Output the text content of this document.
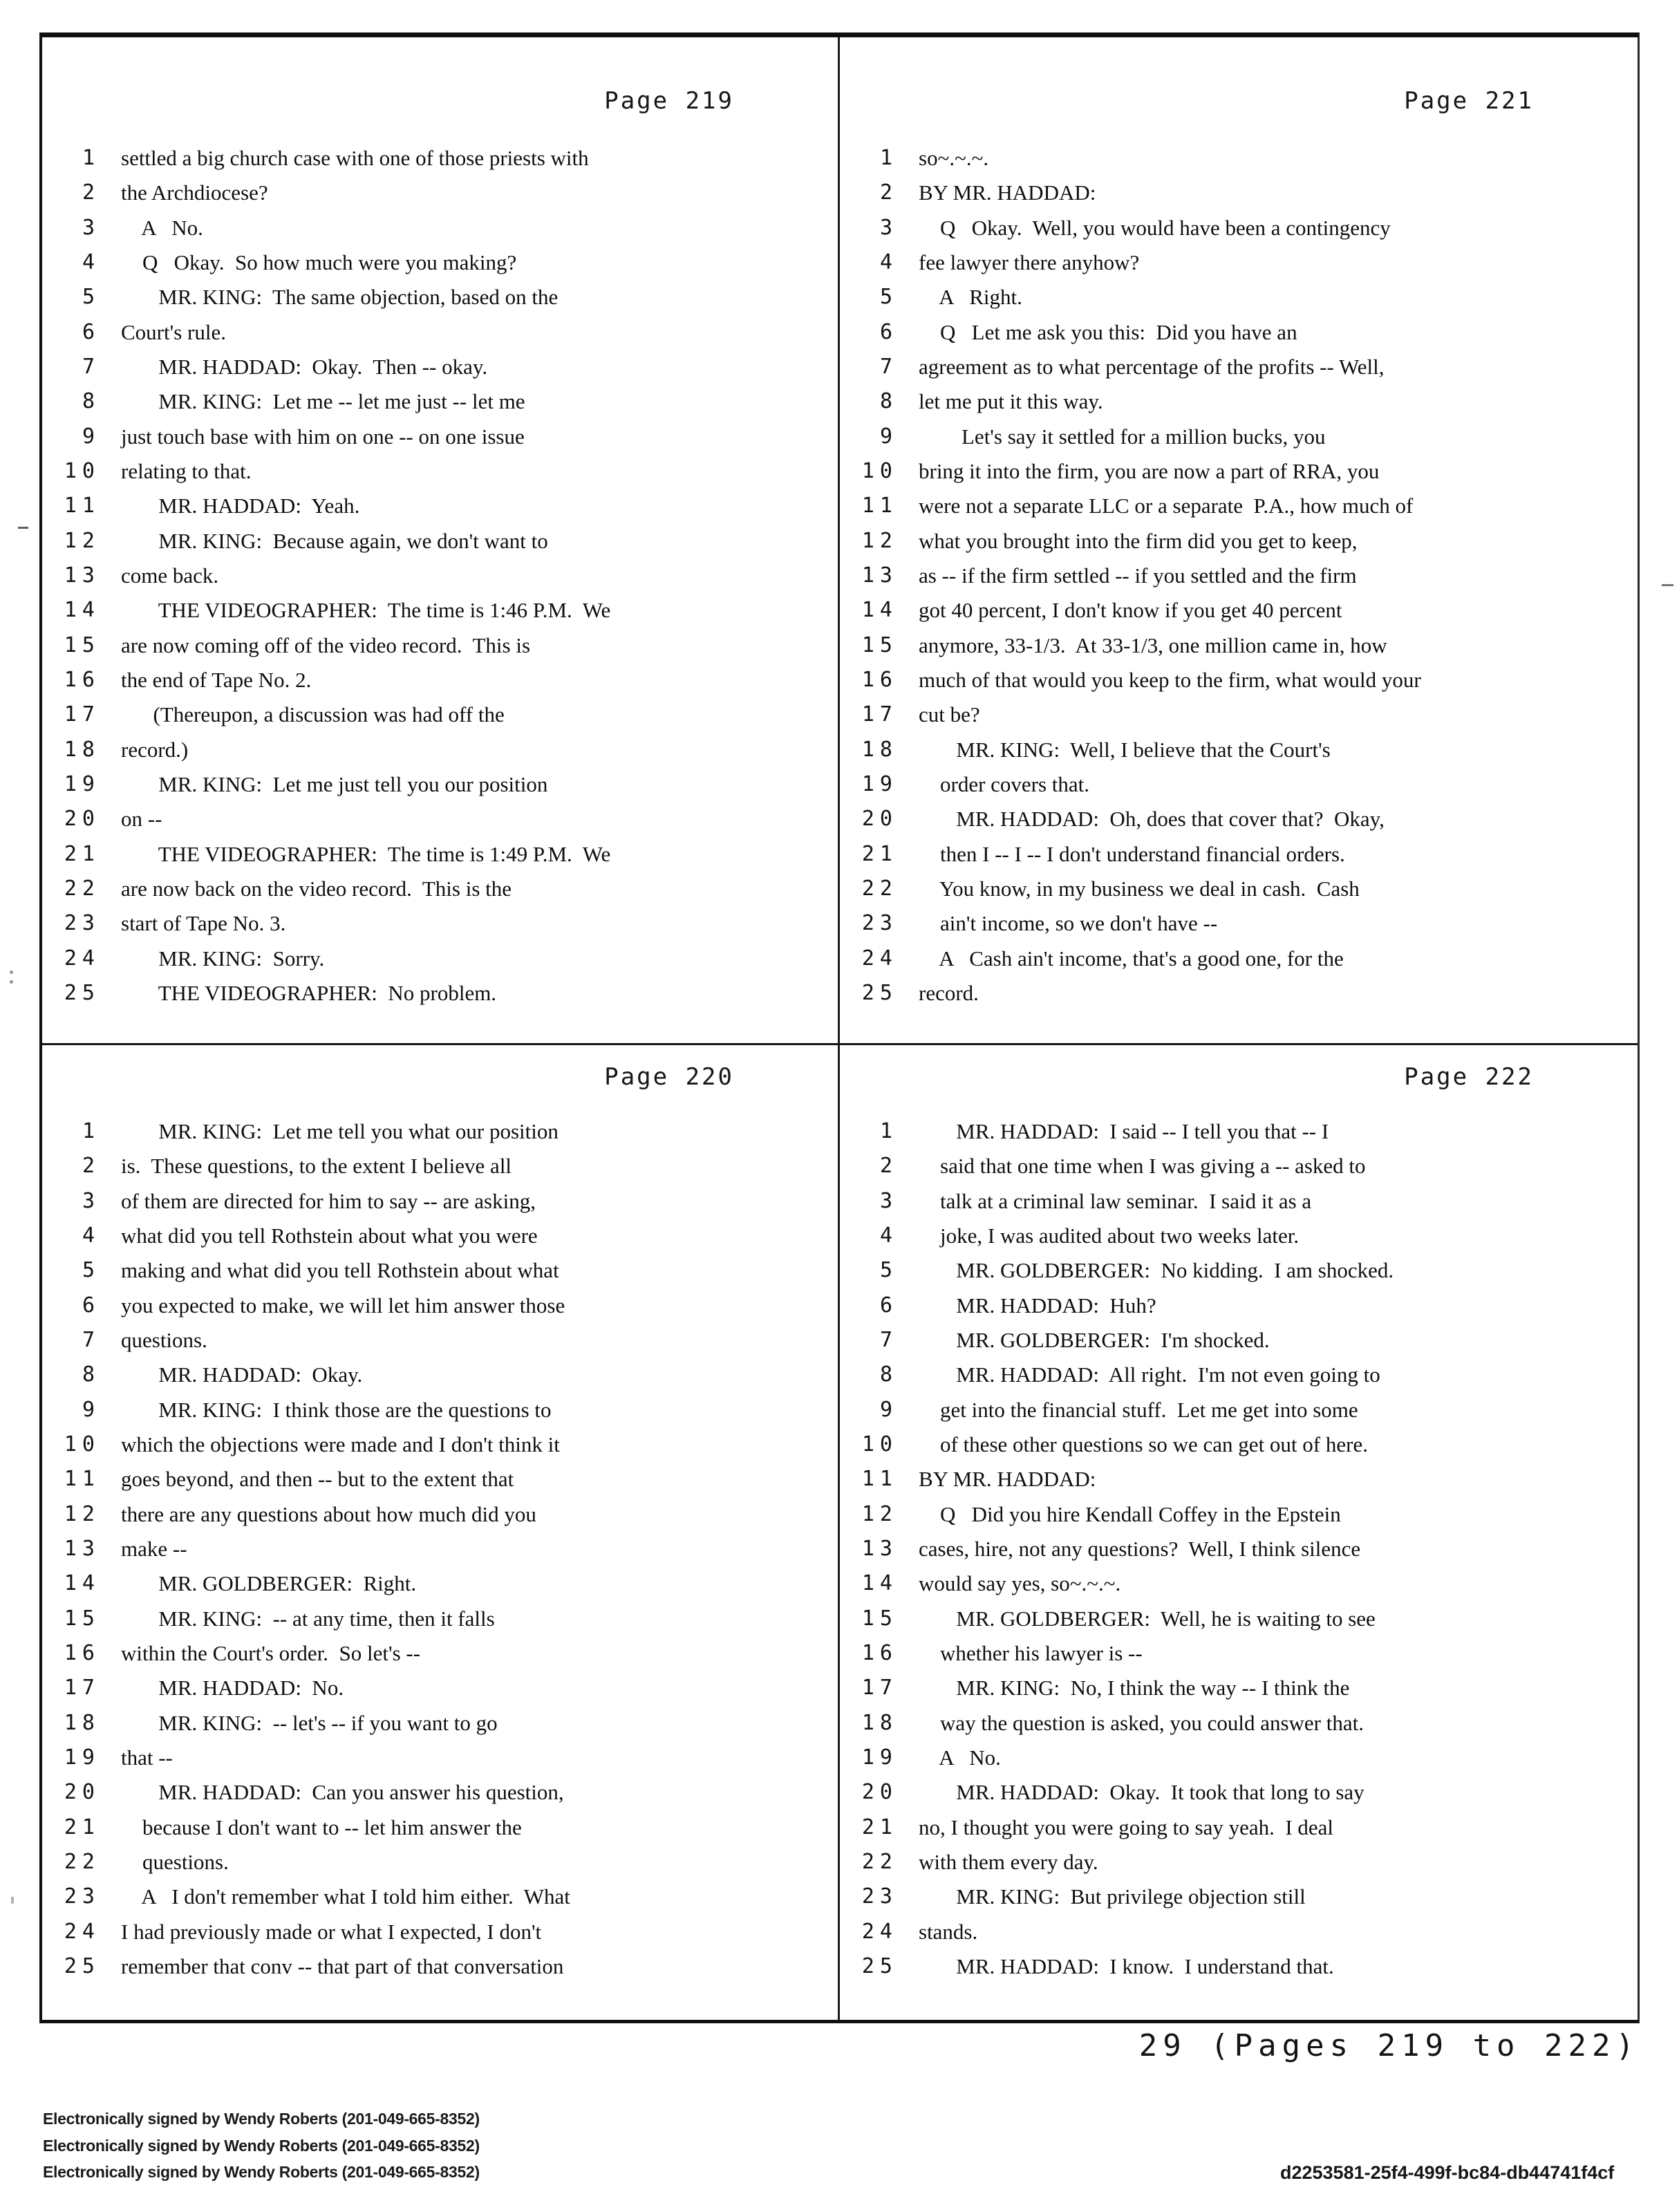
Page 219
1 settled a big church case with one of those priests with
2 the Archdiocese?
3 A   No.
4 Q   Okay.  So how much were you making?
5 MR. KING:  The same objection, based on the
6 Court's rule.
7 MR. HADDAD:  Okay.  Then -- okay.
8 MR. KING:  Let me -- let me just -- let me
9 just touch base with him on one -- on one issue
10 relating to that.
11 MR. HADDAD:  Yeah.
12 MR. KING:  Because again, we don't want to
13 come back.
14 THE VIDEOGRAPHER:  The time is 1:46 P.M.  We
15 are now coming off of the video record.  This is
16 the end of Tape No. 2.
17 (Thereupon, a discussion was had off the
18 record.)
19 MR. KING:  Let me just tell you our position
20 on --
21 THE VIDEOGRAPHER:  The time is 1:49 P.M.  We
22 are now back on the video record.  This is the
23 start of Tape No. 3.
24 MR. KING:  Sorry.
25 THE VIDEOGRAPHER:  No problem.
Page 221
1 so~.~.~.
2 BY MR. HADDAD:
3 Q   Okay.  Well, you would have been a contingency
4 fee lawyer there anyhow?
5 A   Right.
6 Q   Let me ask you this:  Did you have an
7 agreement as to what percentage of the profits -- Well,
8 let me put it this way.
9 Let's say it settled for a million bucks, you
10 bring it into the firm, you are now a part of RRA, you
11 were not a separate LLC or a separate  P.A., how much of
12 what you brought into the firm did you get to keep,
13 as -- if the firm settled -- if you settled and the firm
14 got 40 percent, I don't know if you get 40 percent
15 anymore, 33-1/3.  At 33-1/3, one million came in, how
16 much of that would you keep to the firm, what would your
17 cut be?
18 MR. KING:  Well, I believe that the Court's
19 order covers that.
20 MR. HADDAD:  Oh, does that cover that?  Okay,
21 then I -- I -- I don't understand financial orders.
22 You know, in my business we deal in cash.  Cash
23 ain't income, so we don't have --
24 A   Cash ain't income, that's a good one, for the
25 record.
Page 220
1 MR. KING:  Let me tell you what our position
2 is.  These questions, to the extent I believe all
3 of them are directed for him to say -- are asking,
4 what did you tell Rothstein about what you were
5 making and what did you tell Rothstein about what
6 you expected to make, we will let him answer those
7 questions.
8 MR. HADDAD:  Okay.
9 MR. KING:  I think those are the questions to
10 which the objections were made and I don't think it
11 goes beyond, and then -- but to the extent that
12 there are any questions about how much did you
13 make --
14 MR. GOLDBERGER:  Right.
15 MR. KING:  -- at any time, then it falls
16 within the Court's order.  So let's --
17 MR. HADDAD:  No.
18 MR. KING:  -- let's -- if you want to go
19 that --
20 MR. HADDAD:  Can you answer his question,
21 because I don't want to -- let him answer the
22 questions.
23 A   I don't remember what I told him either.  What
24 I had previously made or what I expected, I don't
25 remember that conv -- that part of that conversation
Page 222
1 MR. HADDAD:  I said -- I tell you that -- I
2 said that one time when I was giving a -- asked to
3 talk at a criminal law seminar.  I said it as a
4 joke, I was audited about two weeks later.
5 MR. GOLDBERGER:  No kidding.  I am shocked.
6 MR. HADDAD:  Huh?
7 MR. GOLDBERGER:  I'm shocked.
8 MR. HADDAD:  All right.  I'm not even going to
9 get into the financial stuff.  Let me get into some
10 of these other questions so we can get out of here.
11 BY MR. HADDAD:
12 Q   Did you hire Kendall Coffey in the Epstein
13 cases, hire, not any questions?  Well, I think silence
14 would say yes, so~.~.~.
15 MR. GOLDBERGER:  Well, he is waiting to see
16 whether his lawyer is --
17 MR. KING:  No, I think the way -- I think the
18 way the question is asked, you could answer that.
19 A   No.
20 MR. HADDAD:  Okay.  It took that long to say
21 no, I thought you were going to say yeah.  I deal
22 with them every day.
23 MR. KING:  But privilege objection still
24 stands.
25 MR. HADDAD:  I know.  I understand that.
29 (Pages 219 to 222)
Electronically signed by Wendy Roberts (201-049-665-8352)
Electronically signed by Wendy Roberts (201-049-665-8352)
Electronically signed by Wendy Roberts (201-049-665-8352)	d2253581-25f4-499f-bc84-db44741f4cf
